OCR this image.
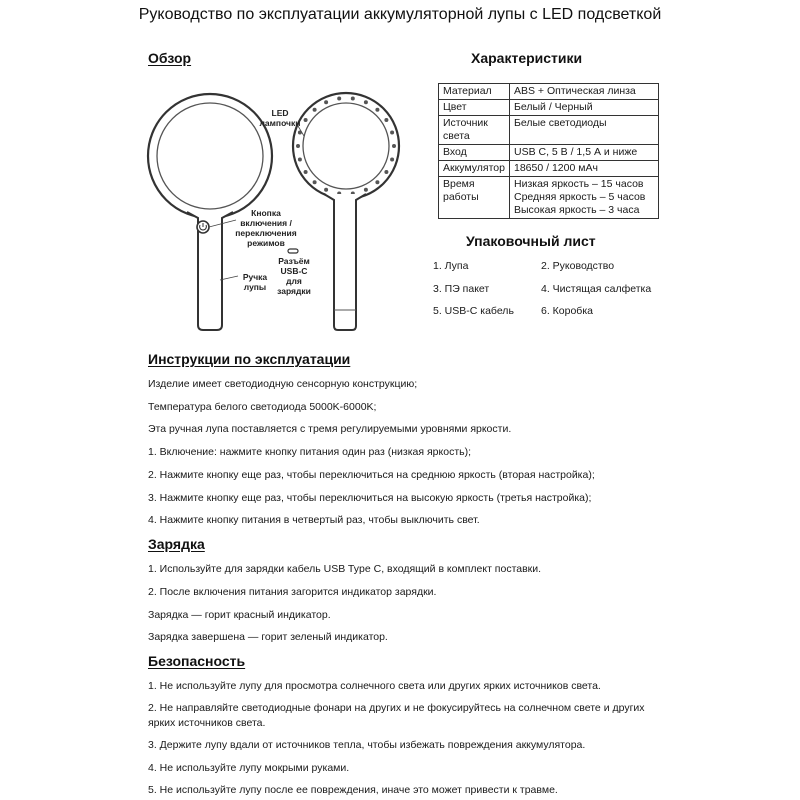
Руководство по эксплуатации аккумуляторной лупы с LED подсветкой
Обзор
LED
лампочки
Кнопка
включения /
переключения
режимов
Разъём
USB-C
для
зарядки
Ручка
лупы
Характеристики
Материал	ABS + Оптическая линза
Цвет	Белый / Черный
Источник света	Белые светодиоды
Вход	USB C, 5 В / 1,5 А и ниже
Аккумулятор	18650 / 1200 мАч
Время работы	Низкая яркость – 15 часов
Средняя яркость – 5 часов
Высокая яркость – 3 часа
Упаковочный лист
1. Лупа	2. Руководство
3. ПЭ пакет	4. Чистящая салфетка
5. USB-C кабель	6. Коробка
Инструкции по эксплуатации
Изделие имеет светодиодную сенсорную конструкцию;
Температура белого светодиода 5000K-6000K;
Эта ручная лупа поставляется с тремя регулируемыми уровнями яркости.
1. Включение: нажмите кнопку питания один раз (низкая яркость);
2. Нажмите кнопку еще раз, чтобы переключиться на среднюю яркость (вторая настройка);
3. Нажмите кнопку еще раз, чтобы переключиться на высокую яркость (третья настройка);
4. Нажмите кнопку питания в четвертый раз, чтобы выключить свет.
Зарядка
1. Используйте для зарядки кабель USB Type C, входящий в комплект поставки.
2. После включения питания загорится индикатор зарядки.
Зарядка — горит красный индикатор.
Зарядка завершена — горит зеленый индикатор.
Безопасность
1. Не используйте лупу для просмотра солнечного света или других ярких источников света.
2. Не направляйте светодиодные фонари на других и не фокусируйтесь на солнечном свете и других ярких источников света.
3. Держите лупу вдали от источников тепла, чтобы избежать повреждения аккумулятора.
4. Не используйте лупу мокрыми руками.
5. Не используйте лупу после ее повреждения, иначе это может привести к травме.
